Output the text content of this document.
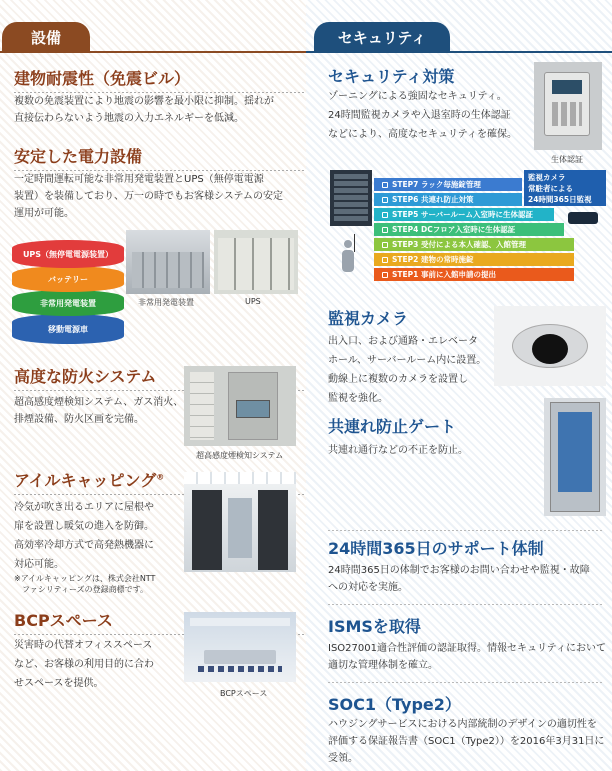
設備	セキュリティ
建物耐震性（免震ビル）
複数の免震装置により地震の影響を最小限に抑制。揺れが
直接伝わらないよう地震の入力エネルギーを低減。
安定した電力設備
一定時間運転可能な非常用発電装置とUPS（無停電電源
装置）を装備しており、万一の時でもお客様システムの安定
運用が可能。
移動電源車
非常用発電装置
バッテリー
UPS（無停電電源装置）
非常用発電装置	UPS
高度な防火システム
超高感度煙検知システム、ガス消火、
排煙設備、防火区画を完備。
超高感度煙検知システム
アイルキャッピング®
冷気が吹き出るエリアに屋根や
扉を設置し暖気の進入を防御。
高効率冷却方式で高発熱機器に
対応可能。
※アイルキャッピングは、株式会社NTT
　ファシリティーズの登録商標です。
BCPスペース
災害時の代替オフィススペース
など、お客様の利用目的に合わ
せスペースを提供。
BCPスペース
セキュリティ対策
ゾーニングによる強固なセキュリティ。
24時間監視カメラや入退室時の生体認証
などにより、高度なセキュリティを確保。
生体認証
STEP7 ラック毎施錠管理
STEP6 共連れ防止対策
STEP5 サーバールーム入室時に生体認証
STEP4 DCフロア入室時に生体認証
STEP3 受付による本人確認、入館管理
STEP2 建物の常時施錠
STEP1 事前に入館申請の提出
監視カメラ
常駐者による
24時間365日監視
監視カメラ
出入口、および通路・エレベータ
ホール、サーバールーム内に設置。
動線上に複数のカメラを設置し
監視を強化。
共連れ防止ゲート
共連れ通行などの不正を防止。
24時間365日のサポート体制
24時間365日の体制でお客様のお問い合わせや監視・故障
への対応を実施。
ISMSを取得
ISO27001適合性評価の認証取得。情報セキュリティにおいて
適切な管理体制を確立。
SOC1（Type2）
ハウジングサービスにおける内部統制のデザインの適切性を
評価する保証報告書（SOC1（Type2））を2016年3月31日に
受領。
